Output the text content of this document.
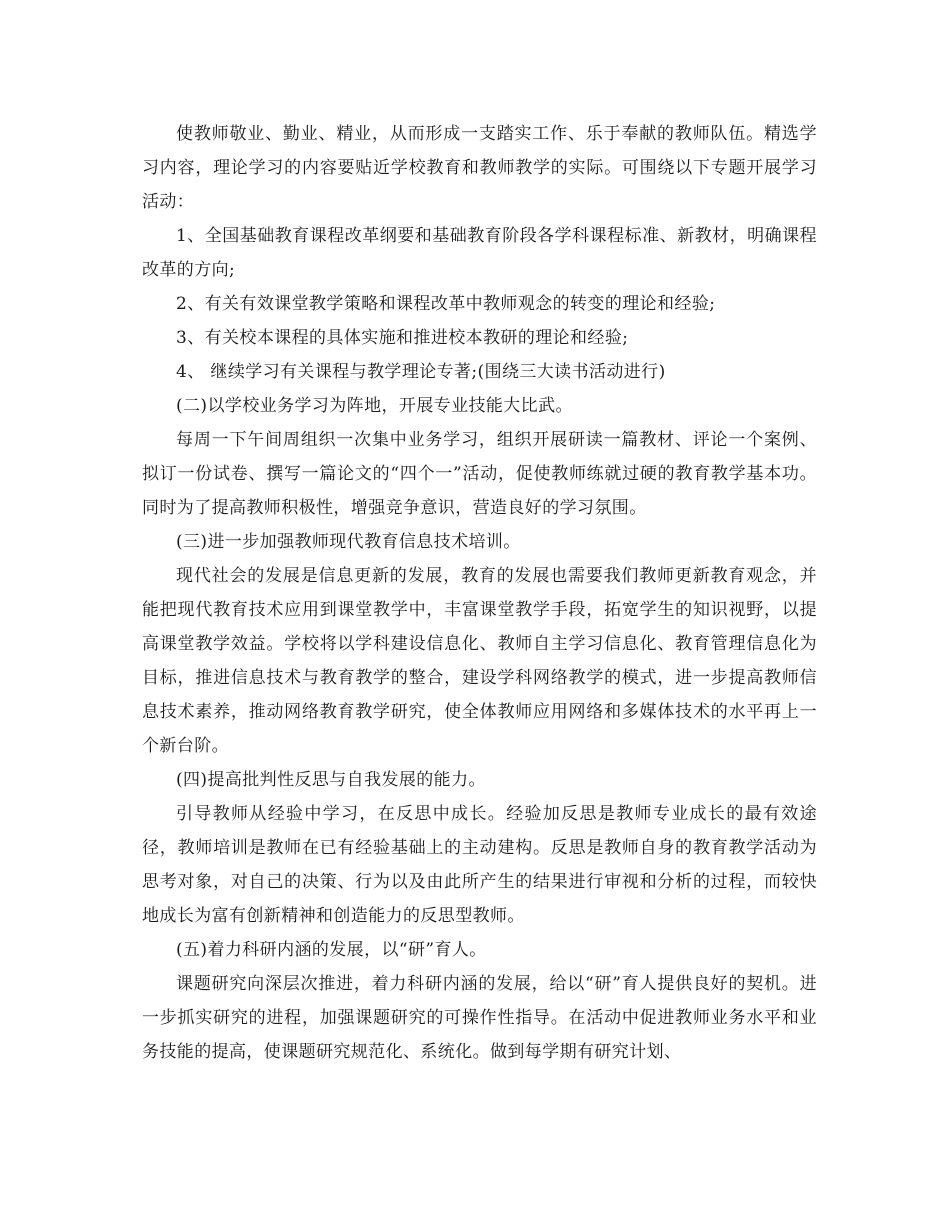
使教师敬业、勤业、精业，从而形成一支踏实工作、乐于奉献的教师队伍。精选学习内容，理论学习的内容要贴近学校教育和教师教学的实际。可围绕以下专题开展学习活动：

1、全国基础教育课程改革纲要和基础教育阶段各学科课程标准、新教材，明确课程改革的方向;

2、有关有效课堂教学策略和课程改革中教师观念的转变的理论和经验;

3、有关校本课程的具体实施和推进校本教研的理论和经验;

4、 继续学习有关课程与教学理论专著;(围绕三大读书活动进行)

(二)以学校业务学习为阵地，开展专业技能大比武。

每周一下午间周组织一次集中业务学习，组织开展研读一篇教材、评论一个案例、拟订一份试卷、撰写一篇论文的“四个一”活动，促使教师练就过硬的教育教学基本功。同时为了提高教师积极性，增强竞争意识，营造良好的学习氛围。

(三)进一步加强教师现代教育信息技术培训。

现代社会的发展是信息更新的发展，教育的发展也需要我们教师更新教育观念，并能把现代教育技术应用到课堂教学中，丰富课堂教学手段，拓宽学生的知识视野，以提高课堂教学效益。学校将以学科建设信息化、教师自主学习信息化、教育管理信息化为目标，推进信息技术与教育教学的整合，建设学科网络教学的模式，进一步提高教师信息技术素养，推动网络教育教学研究，使全体教师应用网络和多媒体技术的水平再上一个新台阶。

(四)提高批判性反思与自我发展的能力。

引导教师从经验中学习，在反思中成长。经验加反思是教师专业成长的最有效途径，教师培训是教师在已有经验基础上的主动建构。反思是教师自身的教育教学活动为思考对象，对自己的决策、行为以及由此所产生的结果进行审视和分析的过程，而较快地成长为富有创新精神和创造能力的反思型教师。

(五)着力科研内涵的发展，以“研”育人。

课题研究向深层次推进，着力科研内涵的发展，给以“研”育人提供良好的契机。进一步抓实研究的进程，加强课题研究的可操作性指导。在活动中促进教师业务水平和业务技能的提高，使课题研究规范化、系统化。做到每学期有研究计划、
